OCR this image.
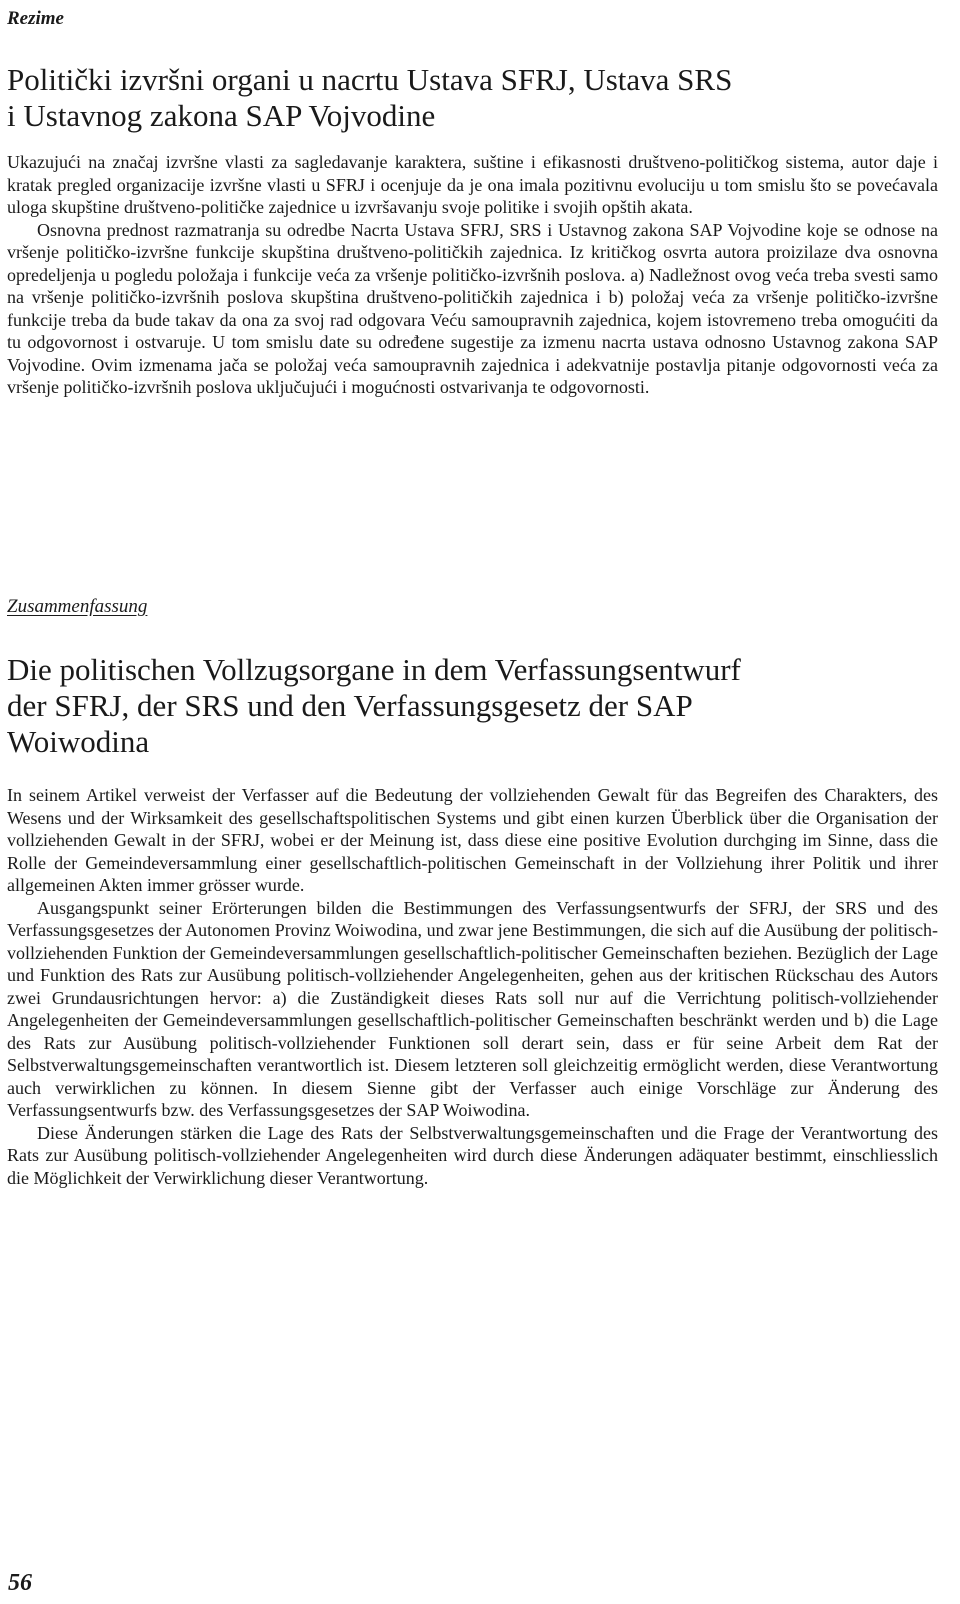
Rezime

Politički izvršni organi u nacrtu Ustava SFRJ, Ustava SRS
i Ustavnog zakona SAP Vojvodine

Ukazujući na značaj izvršne vlasti za sagledavanje karaktera, suštine i efikasnosti društveno-političkog sistema, autor daje i kratak pregled organizacije izvršne vlasti u SFRJ i ocenjuje da je ona imala pozitivnu evoluciju u tom smislu što se povećavala uloga skupštine društveno-političke zajednice u izvršavanju svoje politike i svojih opštih akata.

Osnovna prednost razmatranja su odredbe Nacrta Ustava SFRJ, SRS i Ustavnog zakona SAP Vojvodine koje se odnose na vršenje političko-izvršne funkcije skupština društveno-političkih zajednica. Iz kritičkog osvrta autora proizilaze dva osnovna opredeljenja u pogledu položaja i funkcije veća za vršenje političko-izvršnih poslova. a) Nadležnost ovog veća treba svesti samo na vršenje političko-izvršnih poslova skupština društveno-političkih zajednica i b) položaj veća za vršenje političko-izvršne funkcije treba da bude takav da ona za svoj rad odgovara Veću samoupravnih zajednica, kojem istovremeno treba omogućiti da tu odgovornost i ostvaruje. U tom smislu date su određene sugestije za izmenu nacrta ustava odnosno Ustavnog zakona SAP Vojvodine. Ovim izmenama jača se položaj veća samoupravnih zajednica i adekvatnije postavlja pitanje odgovornosti veća za vršenje političko-izvršnih poslova uključujući i mogućnosti ostvarivanja te odgovornosti.

Zusammenfassung

Die politischen Vollzugsorgane in dem Verfassungsentwurf
der SFRJ, der SRS und den Verfassungsgesetz der SAP
Woiwodina

In seinem Artikel verweist der Verfasser auf die Bedeutung der vollziehenden Gewalt für das Begreifen des Charakters, des Wesens und der Wirksamkeit des gesellschaftspolitischen Systems und gibt einen kurzen Überblick über die Organisation der vollziehenden Gewalt in der SFRJ, wobei er der Meinung ist, dass diese eine positive Evolution durchging im Sinne, dass die Rolle der Gemeindeversammlung einer gesellschaftlich-politischen Gemeinschaft in der Vollziehung ihrer Politik und ihrer allgemeinen Akten immer grösser wurde.

Ausgangspunkt seiner Erörterungen bilden die Bestimmungen des Verfassungsentwurfs der SFRJ, der SRS und des Verfassungsgesetzes der Autonomen Provinz Woiwodina, und zwar jene Bestimmungen, die sich auf die Ausübung der politisch-vollziehenden Funktion der Gemeindeversammlungen gesellschaftlich-politischer Gemeinschaften beziehen. Bezüglich der Lage und Funktion des Rats zur Ausübung politisch-vollziehender Angelegenheiten, gehen aus der kritischen Rückschau des Autors zwei Grundausrichtungen hervor: a) die Zuständigkeit dieses Rats soll nur auf die Verrichtung politisch-vollziehender Angelegenheiten der Gemeindeversammlungen gesellschaftlich-politischer Gemeinschaften beschränkt werden und b) die Lage des Rats zur Ausübung politisch-vollziehender Funktionen soll derart sein, dass er für seine Arbeit dem Rat der Selbstverwaltungsgemeinschaften verantwortlich ist. Diesem letzteren soll gleichzeitig ermöglicht werden, diese Verantwortung auch verwirklichen zu können. In diesem Sienne gibt der Verfasser auch einige Vorschläge zur Änderung des Verfassungsentwurfs bzw. des Verfassungsgesetzes der SAP Woiwodina.

Diese Änderungen stärken die Lage des Rats der Selbstverwaltungsgemeinschaften und die Frage der Verantwortung des Rats zur Ausübung politisch-vollziehender Angelegenheiten wird durch diese Änderungen adäquater bestimmt, einschliesslich die Möglichkeit der Verwirklichung dieser Verantwortung.

56
